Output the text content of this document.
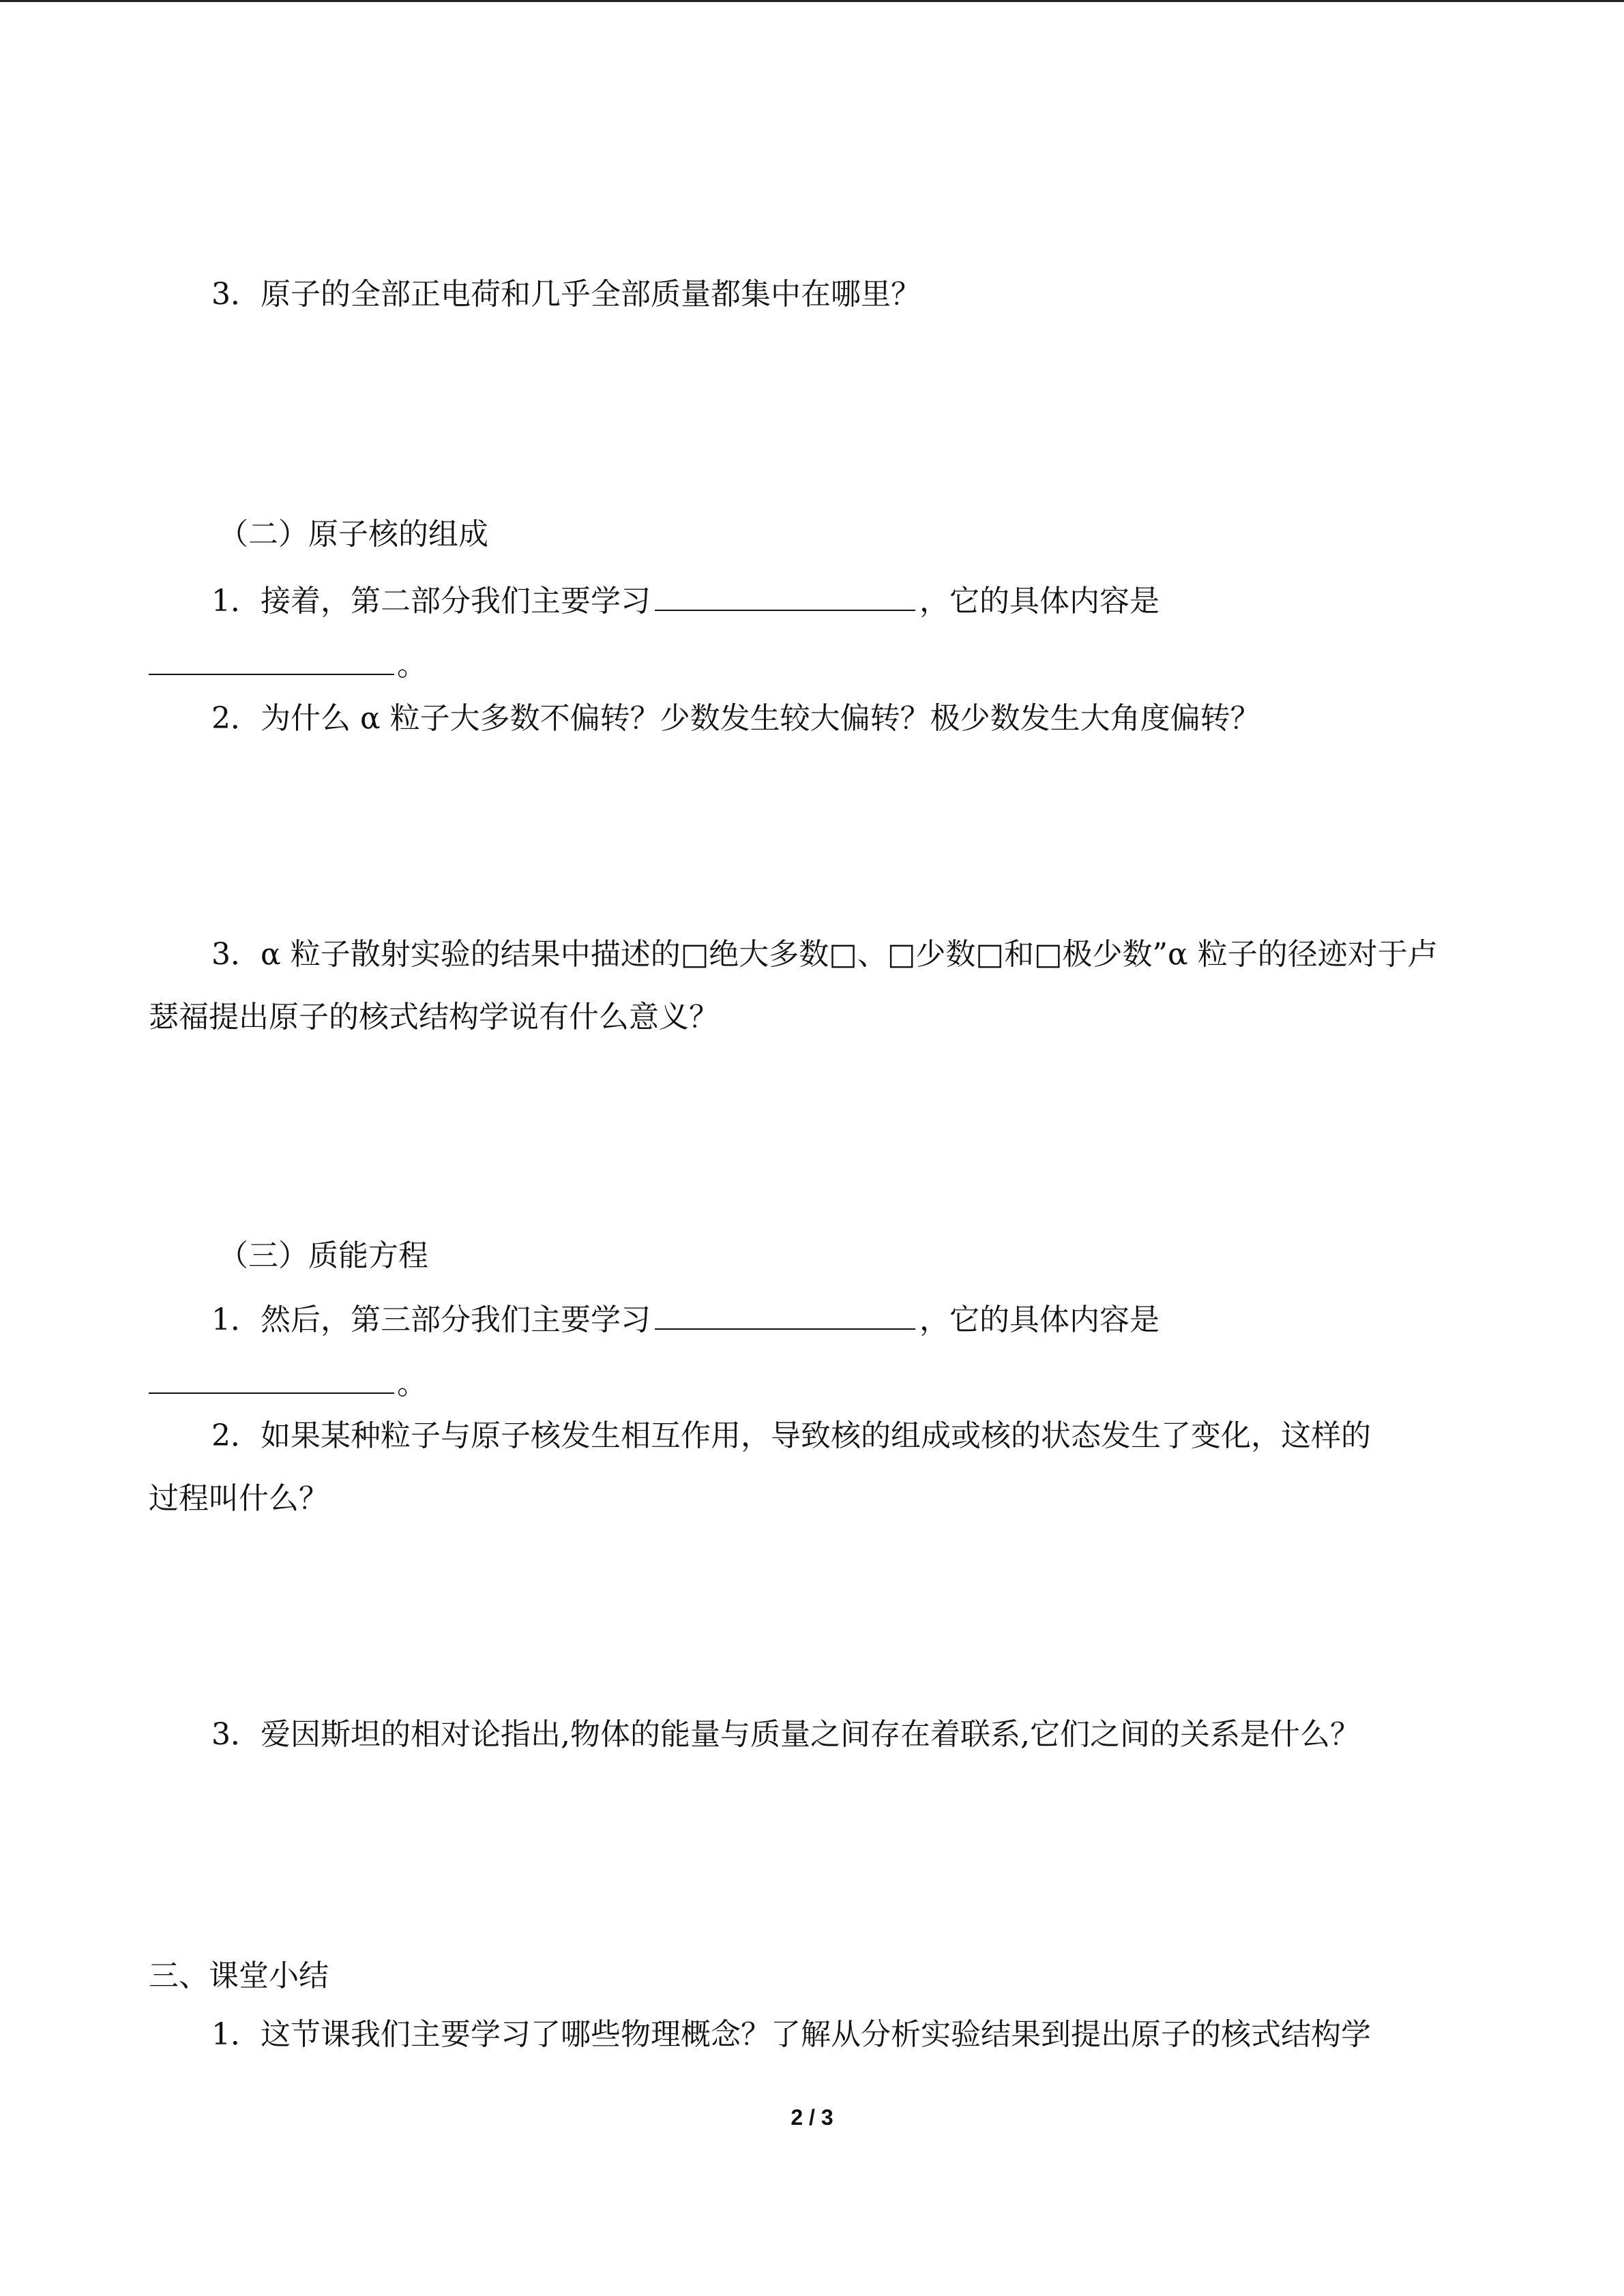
3．原子的全部正电荷和几乎全部质量都集中在哪里？
（二）原子核的组成
1．接着，第二部分我们主要学习	，它的具体内容是
。
2．为什么 α 粒子大多数不偏转？少数发生较大偏转？极少数发生大角度偏转？
3．α 粒子散射实验的结果中描述的□绝大多数□、□少数□和□极少数”α 粒子的径迹对于卢
瑟福提出原子的核式结构学说有什么意义？
（三）质能方程
1．然后，第三部分我们主要学习	，它的具体内容是
。
2．如果某种粒子与原子核发生相互作用，导致核的组成或核的状态发生了变化，这样的
过程叫什么？
3．爱因斯坦的相对论指出,物体的能量与质量之间存在着联系,它们之间的关系是什么？
三、课堂小结
1．这节课我们主要学习了哪些物理概念？了解从分析实验结果到提出原子的核式结构学
2 / 3
